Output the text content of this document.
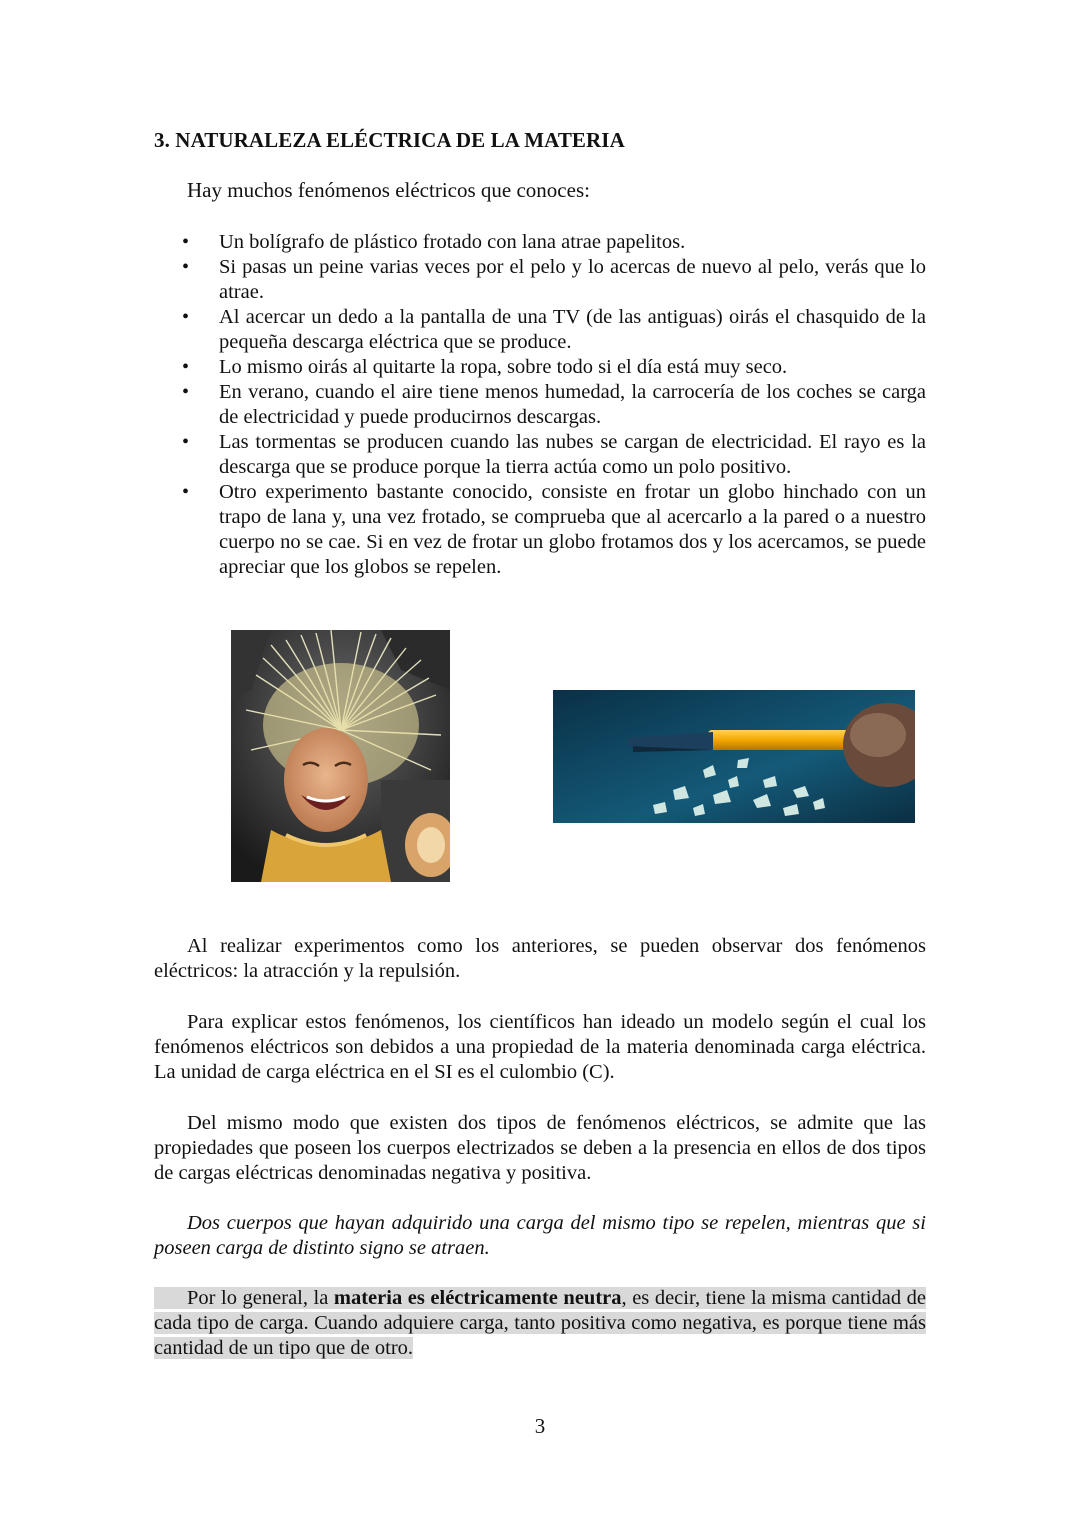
3. NATURALEZA ELÉCTRICA DE LA MATERIA
Hay muchos fenómenos eléctricos que conoces:
• Un bolígrafo de plástico frotado con lana atrae papelitos.
• Si pasas un peine varias veces por el pelo y lo acercas de nuevo al pelo, verás que lo atrae.
• Al acercar un dedo a la pantalla de una TV (de las antiguas) oirás el chasquido de la pequeña descarga eléctrica que se produce.
• Lo mismo oirás al quitarte la ropa, sobre todo si el día está muy seco.
• En verano, cuando el aire tiene menos humedad, la carrocería de los coches se carga de electricidad y puede producirnos descargas.
• Las tormentas se producen cuando las nubes se cargan de electricidad. El rayo es la descarga que se produce porque la tierra actúa como un polo positivo.
• Otro experimento bastante conocido, consiste en frotar un globo hinchado con un trapo de lana y, una vez frotado, se comprueba que al acercarlo a la pared o a nuestro cuerpo no se cae. Si en vez de frotar un globo frotamos dos y los acercamos, se puede apreciar que los globos se repelen.

Al realizar experimentos como los anteriores, se pueden observar dos fenómenos eléctricos: la atracción y la repulsión.

Para explicar estos fenómenos, los científicos han ideado un modelo según el cual los fenómenos eléctricos son debidos a una propiedad de la materia denominada carga eléctrica. La unidad de carga eléctrica en el SI es el culombio (C).

Del mismo modo que existen dos tipos de fenómenos eléctricos, se admite que las propiedades que poseen los cuerpos electrizados se deben a la presencia en ellos de dos tipos de cargas eléctricas denominadas negativa y positiva.

Dos cuerpos que hayan adquirido una carga del mismo tipo se repelen, mientras que si poseen carga de distinto signo se atraen.

Por lo general, la materia es eléctricamente neutra, es decir, tiene la misma cantidad de cada tipo de carga. Cuando adquiere carga, tanto positiva como negativa, es porque tiene más cantidad de un tipo que de otro.

3
